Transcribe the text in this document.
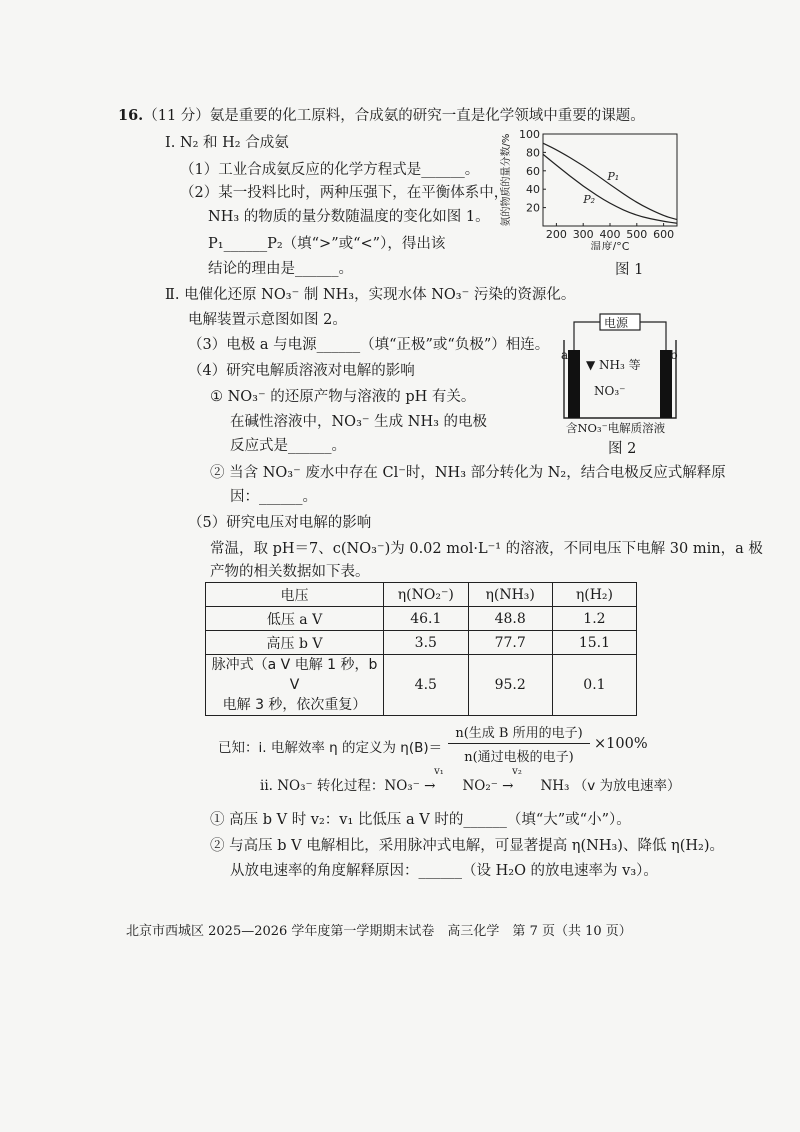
16.（11 分）氨是重要的化工原料，合成氨的研究一直是化学领域中重要的课题。
Ⅰ. N₂ 和 H₂ 合成氨
（1）工业合成氨反应的化学方程式是______。
（2）某一投料比时，两种压强下，在平衡体系中，
NH₃ 的物质的量分数随温度的变化如图 1。
P₁______P₂（填“>”或“<”），得出该
结论的理由是______。
20
40
60
80
100
200 300 400 500 600
P₁
P₂
温度/°C
氨的物质的量分数/%
图 1
Ⅱ. 电催化还原 NO₃⁻ 制 NH₃，实现水体 NO₃⁻ 污染的资源化。
电解装置示意图如图 2。
（3）电极 a 与电源______（填“正极”或“负极”）相连。
（4）研究电解质溶液对电解的影响
① NO₃⁻ 的还原产物与溶液的 pH 有关。
在碱性溶液中，NO₃⁻ 生成 NH₃ 的电极
反应式是______。
② 当含 NO₃⁻ 废水中存在 Cl⁻时，NH₃ 部分转化为 N₂，结合电极反应式解释原
因：______。
（5）研究电压对电解的影响
常温，取 pH＝7、c(NO₃⁻)为 0.02 mol·L⁻¹ 的溶液，不同电压下电解 30 min，a 极
产物的相关数据如下表。
电源
a	b
▼ NH₃ 等
NO₃⁻
含NO₃⁻电解质溶液
图 2
电压	η(NO₂⁻)	η(NH₃)	η(H₂)
低压 a V	46.1	48.8	1.2
高压 b V	3.5	77.7	15.1

脉冲式（a V 电解 1 秒，b V
电解 3 秒，依次重复）	4.5	95.2	0.1
已知：i. 电解效率 η 的定义为 η(B)＝
n(生成 B 所用的电子)
n(通过电极的电子)
×100%
ii. NO₃⁻ 转化过程：NO₃⁻
v₁
→ NO₂⁻
v₂
→ NH₃ （v 为放电速率）
① 高压 b V 时 v₂：v₁ 比低压 a V 时的______（填“大”或“小”）。
② 与高压 b V 电解相比，采用脉冲式电解，可显著提高 η(NH₃)、降低 η(H₂)。
从放电速率的角度解释原因：______（设 H₂O 的放电速率为 v₃）。
北京市西城区 2025—2026 学年度第一学期期末试卷　高三化学　第 7 页（共 10 页）
